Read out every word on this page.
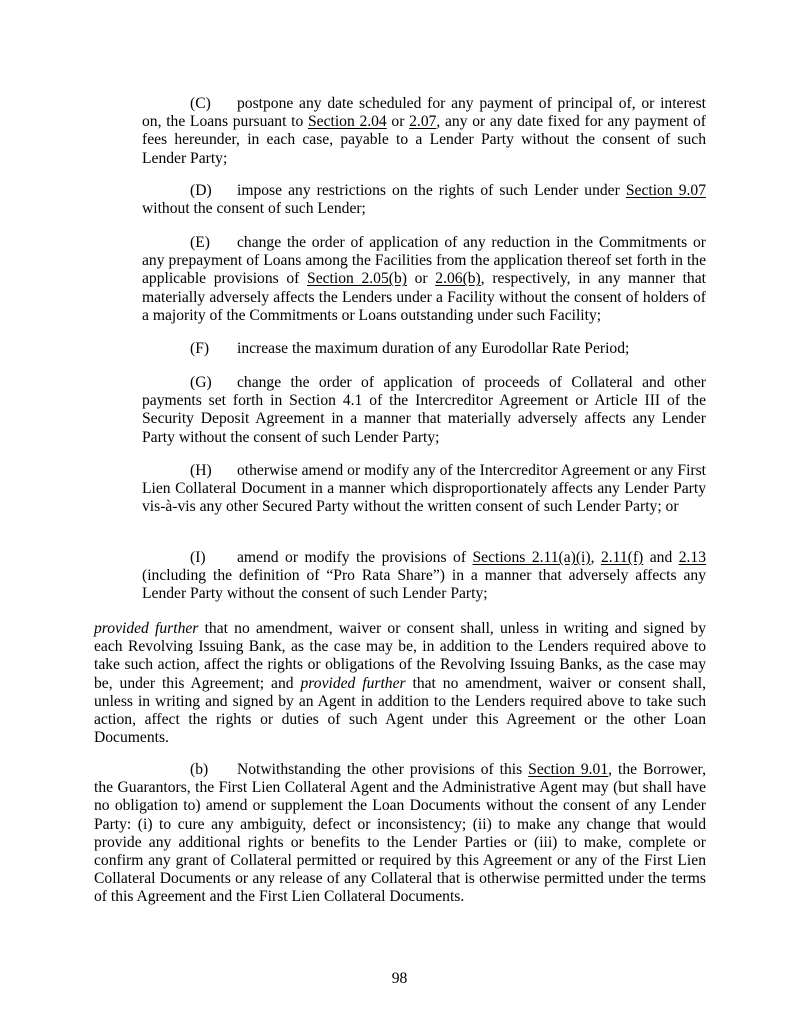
(C) postpone any date scheduled for any payment of principal of, or interest on, the Loans pursuant to Section 2.04 or 2.07, any or any date fixed for any payment of fees hereunder, in each case, payable to a Lender Party without the consent of such Lender Party;

(D) impose any restrictions on the rights of such Lender under Section 9.07 without the consent of such Lender;

(E) change the order of application of any reduction in the Commitments or any prepayment of Loans among the Facilities from the application thereof set forth in the applicable provisions of Section 2.05(b) or 2.06(b), respectively, in any manner that materially adversely affects the Lenders under a Facility without the consent of holders of a majority of the Commitments or Loans outstanding under such Facility;

(F) increase the maximum duration of any Eurodollar Rate Period;

(G) change the order of application of proceeds of Collateral and other payments set forth in Section 4.1 of the Intercreditor Agreement or Article III of the Security Deposit Agreement in a manner that materially adversely affects any Lender Party without the consent of such Lender Party;

(H) otherwise amend or modify any of the Intercreditor Agreement or any First Lien Collateral Document in a manner which disproportionately affects any Lender Party vis-à-vis any other Secured Party without the written consent of such Lender Party; or

(I) amend or modify the provisions of Sections 2.11(a)(i), 2.11(f) and 2.13 (including the definition of “Pro Rata Share”) in a manner that adversely affects any Lender Party without the consent of such Lender Party;

provided further that no amendment, waiver or consent shall, unless in writing and signed by each Revolving Issuing Bank, as the case may be, in addition to the Lenders required above to take such action, affect the rights or obligations of the Revolving Issuing Banks, as the case may be, under this Agreement; and provided further that no amendment, waiver or consent shall, unless in writing and signed by an Agent in addition to the Lenders required above to take such action, affect the rights or duties of such Agent under this Agreement or the other Loan Documents.

(b) Notwithstanding the other provisions of this Section 9.01, the Borrower, the Guarantors, the First Lien Collateral Agent and the Administrative Agent may (but shall have no obligation to) amend or supplement the Loan Documents without the consent of any Lender Party: (i) to cure any ambiguity, defect or inconsistency; (ii) to make any change that would provide any additional rights or benefits to the Lender Parties or (iii) to make, complete or confirm any grant of Collateral permitted or required by this Agreement or any of the First Lien Collateral Documents or any release of any Collateral that is otherwise permitted under the terms of this Agreement and the First Lien Collateral Documents.

98
